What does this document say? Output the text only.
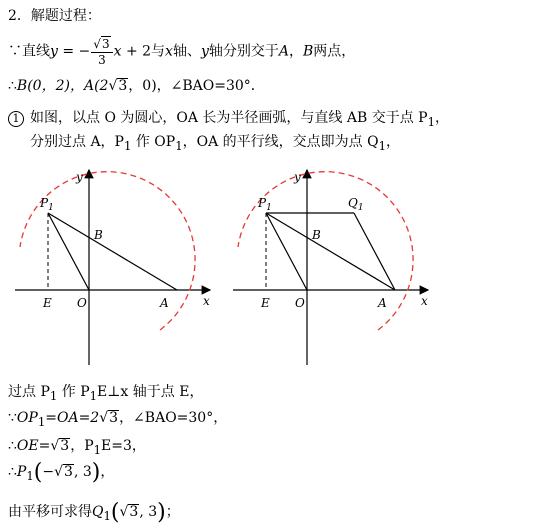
2．解题过程：
∵直线y = − $\frac{√3}{3}$ x + 2与x轴、y轴分别交于A，B两点，
∴B(0，2)，A(2√3，0)，∠BAO=30°．
1 如图，以点 O 为圆心，OA 长为半径画弧，与直线 AB 交于点 $P_1$，
分别过点 A，$P_1$ 作 $OP_1$，OA 的平行线，交点即为点 $Q_1$，
y
x
$P_1$
B
E O	A
y
x
$P_1$	$Q_1$
B
E O	A
过点 $P_1$ 作 $P_1E\perp x$ 轴于点 E，
$\because OP_1=OA=2√3$，∠BAO=30°，
∴OE=√3，$P_1E=3$，
$\therefore P_1(-√3$, 3)，
由平移可求得$Q_1(√3$, 3)；
